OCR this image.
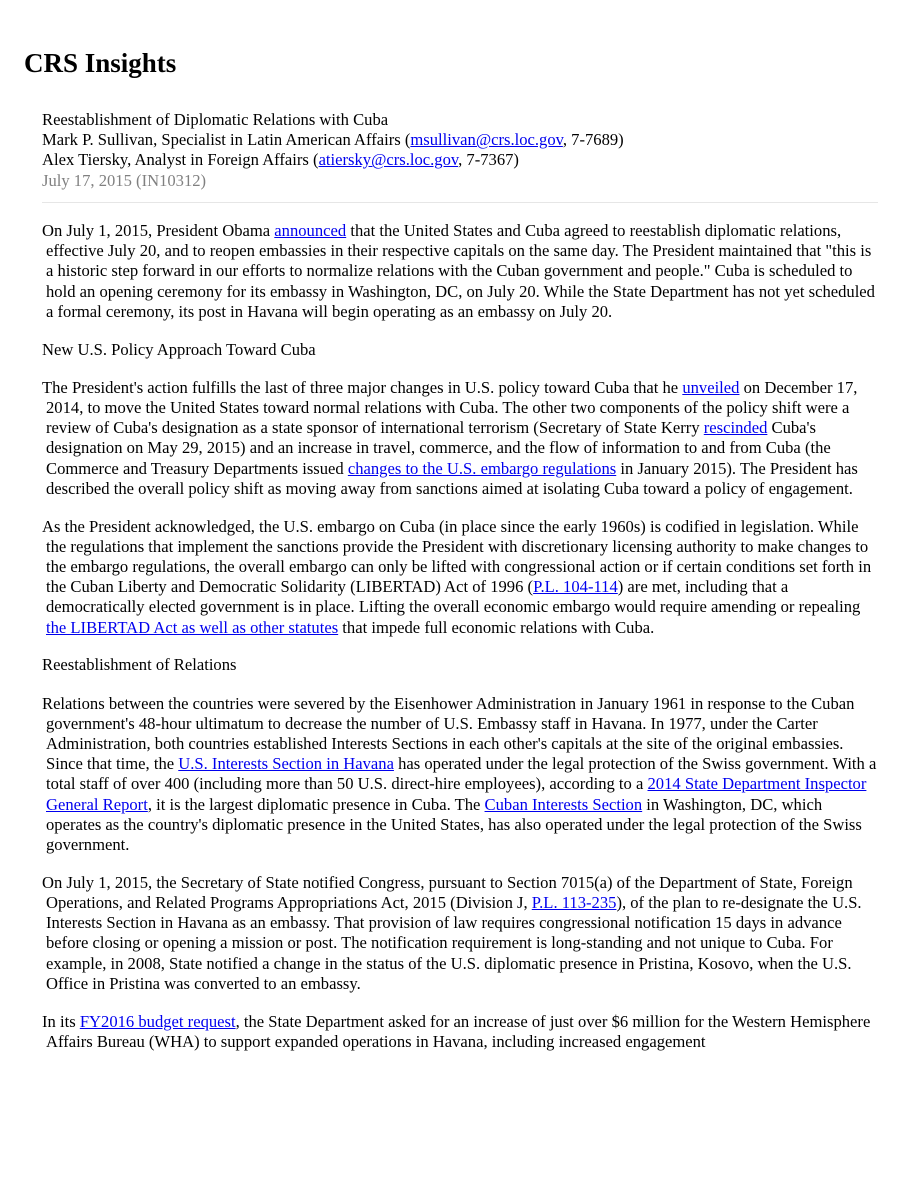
CRS Insights
Reestablishment of Diplomatic Relations with Cuba
Mark P. Sullivan, Specialist in Latin American Affairs (msullivan@crs.loc.gov, 7-7689)
Alex Tiersky, Analyst in Foreign Affairs (atiersky@crs.loc.gov, 7-7367)
July 17, 2015 (IN10312)

On July 1, 2015, President Obama announced that the United States and Cuba agreed to reestablish diplomatic relations, effective July 20, and to reopen embassies in their respective capitals on the same day. The President maintained that "this is a historic step forward in our efforts to normalize relations with the Cuban government and people." Cuba is scheduled to hold an opening ceremony for its embassy in Washington, DC, on July 20. While the State Department has not yet scheduled a formal ceremony, its post in Havana will begin operating as an embassy on July 20.

New U.S. Policy Approach Toward Cuba

The President's action fulfills the last of three major changes in U.S. policy toward Cuba that he unveiled on December 17, 2014, to move the United States toward normal relations with Cuba. The other two components of the policy shift were a review of Cuba's designation as a state sponsor of international terrorism (Secretary of State Kerry rescinded Cuba's designation on May 29, 2015) and an increase in travel, commerce, and the flow of information to and from Cuba (the Commerce and Treasury Departments issued changes to the U.S. embargo regulations in January 2015). The President has described the overall policy shift as moving away from sanctions aimed at isolating Cuba toward a policy of engagement.

As the President acknowledged, the U.S. embargo on Cuba (in place since the early 1960s) is codified in legislation. While the regulations that implement the sanctions provide the President with discretionary licensing authority to make changes to the embargo regulations, the overall embargo can only be lifted with congressional action or if certain conditions set forth in the Cuban Liberty and Democratic Solidarity (LIBERTAD) Act of 1996 (P.L. 104-114) are met, including that a democratically elected government is in place. Lifting the overall economic embargo would require amending or repealing the LIBERTAD Act as well as other statutes that impede full economic relations with Cuba.

Reestablishment of Relations

Relations between the countries were severed by the Eisenhower Administration in January 1961 in response to the Cuban government's 48-hour ultimatum to decrease the number of U.S. Embassy staff in Havana. In 1977, under the Carter Administration, both countries established Interests Sections in each other's capitals at the site of the original embassies. Since that time, the U.S. Interests Section in Havana has operated under the legal protection of the Swiss government. With a total staff of over 400 (including more than 50 U.S. direct-hire employees), according to a 2014 State Department Inspector General Report, it is the largest diplomatic presence in Cuba. The Cuban Interests Section in Washington, DC, which operates as the country's diplomatic presence in the United States, has also operated under the legal protection of the Swiss government.

On July 1, 2015, the Secretary of State notified Congress, pursuant to Section 7015(a) of the Department of State, Foreign Operations, and Related Programs Appropriations Act, 2015 (Division J, P.L. 113-235), of the plan to re-designate the U.S. Interests Section in Havana as an embassy. That provision of law requires congressional notification 15 days in advance before closing or opening a mission or post. The notification requirement is long-standing and not unique to Cuba. For example, in 2008, State notified a change in the status of the U.S. diplomatic presence in Pristina, Kosovo, when the U.S. Office in Pristina was converted to an embassy.

In its FY2016 budget request, the State Department asked for an increase of just over $6 million for the Western Hemisphere Affairs Bureau (WHA) to support expanded operations in Havana, including increased engagement
